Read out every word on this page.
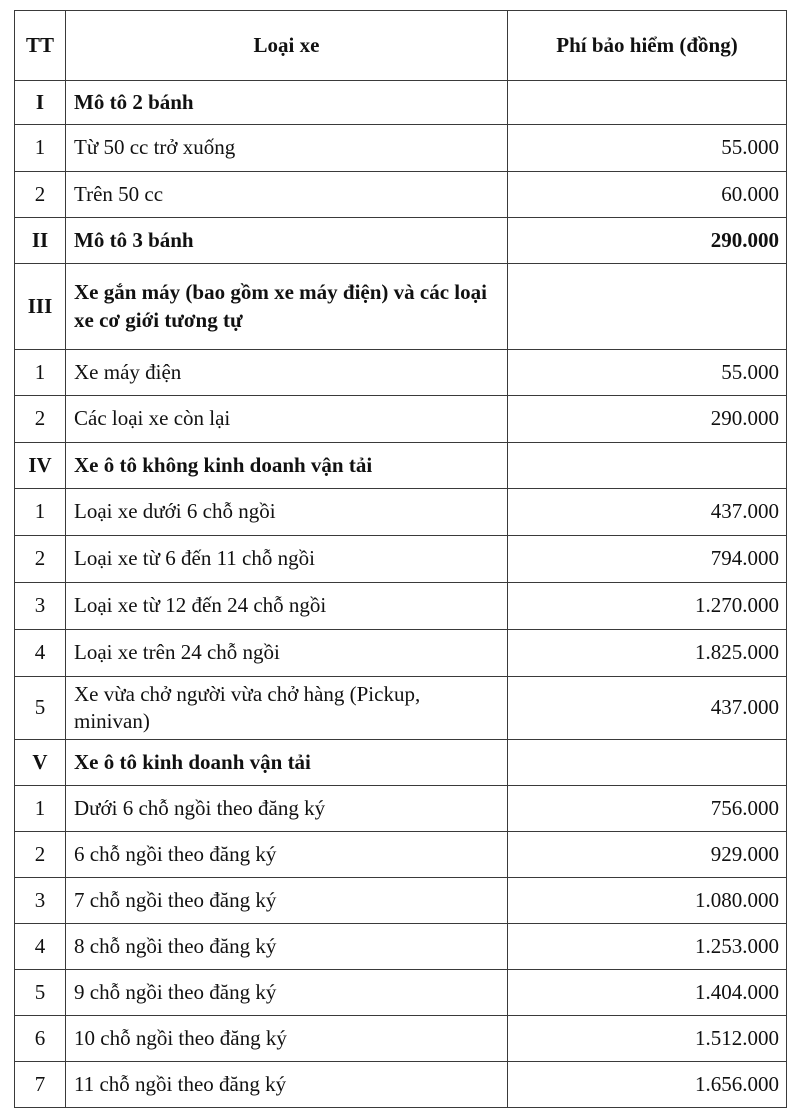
TT	Loại xe	Phí bảo hiểm (đồng)
I	Mô tô 2 bánh	
1	Từ 50 cc trở xuống	55.000
2	Trên 50 cc	60.000
II	Mô tô 3 bánh	290.000
III	Xe gắn máy (bao gồm xe máy điện) và các loại xe cơ giới tương tự	
1	Xe máy điện	55.000
2	Các loại xe còn lại	290.000
IV	Xe ô tô không kinh doanh vận tải	
1	Loại xe dưới 6 chỗ ngồi	437.000
2	Loại xe từ 6 đến 11 chỗ ngồi	794.000
3	Loại xe từ 12 đến 24 chỗ ngồi	1.270.000
4	Loại xe trên 24 chỗ ngồi	1.825.000
5	Xe vừa chở người vừa chở hàng (Pickup, minivan)	437.000
V	Xe ô tô kinh doanh vận tải	
1	Dưới 6 chỗ ngồi theo đăng ký	756.000
2	6 chỗ ngồi theo đăng ký	929.000
3	7 chỗ ngồi theo đăng ký	1.080.000
4	8 chỗ ngồi theo đăng ký	1.253.000
5	9 chỗ ngồi theo đăng ký	1.404.000
6	10 chỗ ngồi theo đăng ký	1.512.000
7	11 chỗ ngồi theo đăng ký	1.656.000
